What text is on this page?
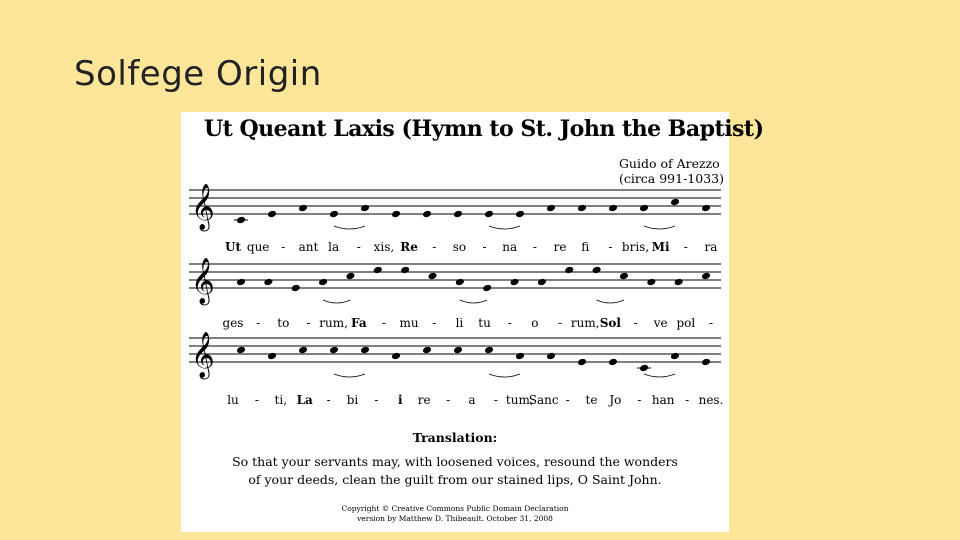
Solfege Origin
𝄞
Ut que - ant la - xis, Re - so - na - re fi - bris, Mi - ra
𝄞
ges - to - rum, Fa - mu - li tu - o - rum, Sol - ve pol -
𝄞
lu - ti, La - bi - i re - a - tum,
Sanc - te Jo - han - nes.
Ut Queant Laxis (Hymn to St. John the Baptist)
Guido of Arezzo
(circa 991-1033)
Translation:
So that your servants may, with loosened voices, resound the wonders
of your deeds, clean the guilt from our stained lips, O Saint John.
Copyright © Creative Commons Public Domain Declaration
version by Matthew D. Thibeault. October 31, 2008
